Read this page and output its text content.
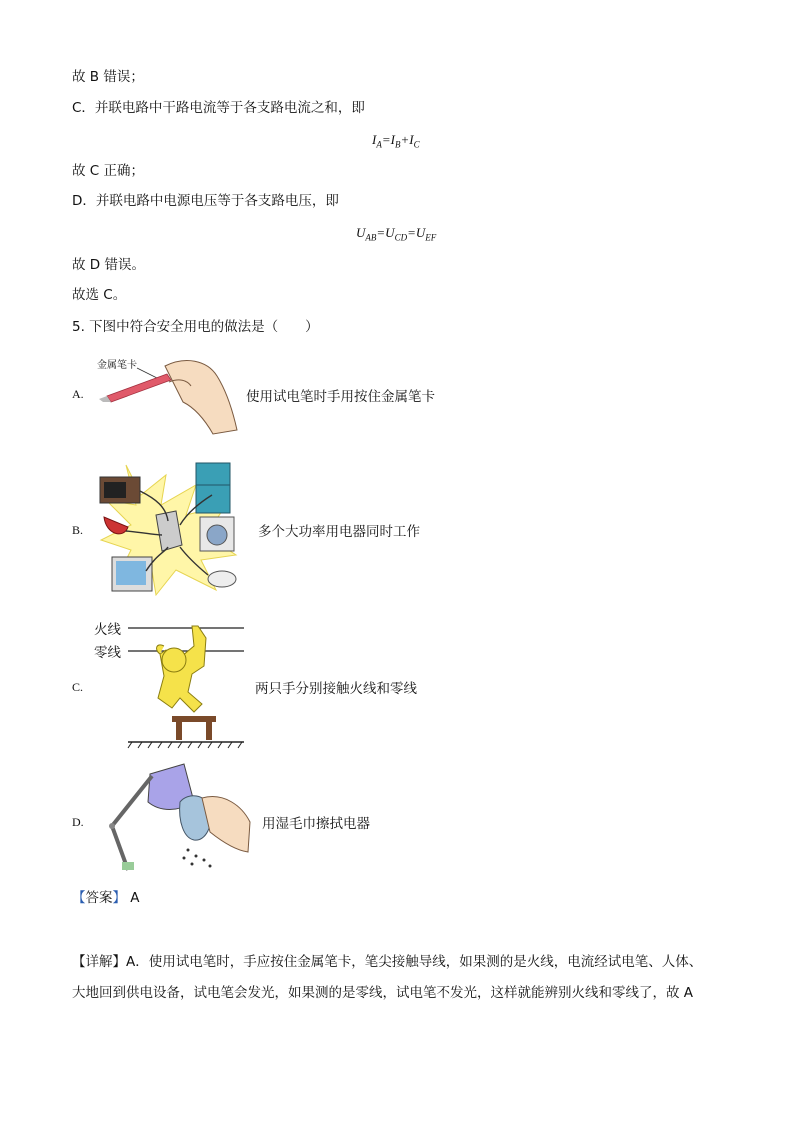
故 B 错误；
C．并联电路中干路电流等于各支路电流之和，即
$I_A=I_B+I_C$
故 C 正确；
D．并联电路中电源电压等于各支路电压，即
$U_{AB}=U_{CD}=U_{EF}$
故 D 错误。
故选 C。
5. 下图中符合安全用电的做法是（　　）
A.
金属笔卡
使用试电笔时手用按住金属笔卡
B.	多个大功率用电器同时工作
C.
火线
零线
两只手分别接触火线和零线
D.	用湿毛巾擦拭电器
【答案】 A
【详解】A．使用试电笔时，手应按住金属笔卡，笔尖接触导线，如果测的是火线，电流经试电笔、人体、
大地回到供电设备，试电笔会发光，如果测的是零线，试电笔不发光，这样就能辨别火线和零线了，故 A
